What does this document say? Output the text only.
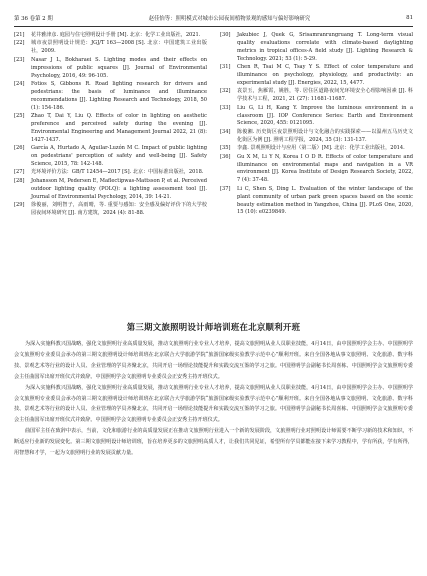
第 36 卷第 2 期	赵佳怡等：照明模式对城市公园夜间植物景观的感知与偏好影响研究	81
[21]	花井雅津彦. 庭园与住宅照明设计手册 [M]. 北京：化学工业出版社，2021.
[22]	城市夜景照明设计规范：JGJ/T 163—2008 [S]. 北京：中国建筑工业出版社，2009.
[23]	Nasar J L, Bokharaei S. Lighting modes and their effects on impressions of public squares [J]. Journal of Environmental Psychology, 2016, 49: 96-105.
[24]	Fotios S, Gibbons R. Road lighting research for drivers and pedestrians: the basis of luminance and illuminance recommendations [J]. Lighting Research and Technology, 2018, 50 (1): 154-186.
[25]	Zhao T, Dai Y, Liu Q. Effects of color in lighting on aesthetic preference and perceived safety during the evening [J]. Environmental Engineering and Management Journal 2022, 21 (8): 1427-1437.
[26]	García A, Hurtado A, Aguilar-Luzón M C. Impact of public lighting on pedestrians' perception of safety and well-being [J]. Safety Science, 2015, 78: 142-148.
[27]	光环境评价方法：GB/T 12454—2017 [S]. 北京：中国标准出版社，2018.
[28]	Johansson M, Pedersen E, Maflectipwas-Mattsson P, et al. Perceived outdoor lighting quality (POLQ): a lighting assessment tool [J]. Journal of Environmental Psychology, 2014, 39: 14-21.
[29]	徐俊丽，刘明智子，高雨晴，等. 重要与感知：安全感及偏好评价下的大学校园夜间环境研究 [J]. 南方建筑，2024 (4): 81-88.
[30]	Jakubiec J, Quek G, Srisamranrungruang T. Long-term visual quality evaluations correlate with climate-based daylighting metrics in tropical offices-A field study [J]. Lighting Research & Technology. 2021; 53 (1): 5-29.
[31]	Chen R, Tsai M C, Tsay Y S. Effect of color temperature and illuminance on psychology, physiology, and productivity: an experimental study [J]. Energies, 2022, 15, 4477.
[32]	袁景玉，焦雁霄，姚胜，等. 居住区道路夜间光环境安全心理影响因素 [J]. 科学技术与工程，2021, 21 (27): 11681-11687.
[33]	Liu G, Li H, Kang Y. Improve the luminous environment in a classroom [J]. IOP Conference Series: Earth and Environment Science, 2020, 455: 0121095.
[34]	陈俊湘. 历史街区夜景照明设计与文化融合的实践探索——以温州五马历史文化街区为例 [J]. 照明工程学报，2024, 35 (3): 131-137.
[35]	李鑫. 景观照明设计与应用（第二版）[M]. 北京：化学工业出版社，2014.
[36]	Gu X M, Li Y N, Korea I O D R. Effects of color temperature and illuminance on environmental maps and navigation in a VR environment [J]. Korea Institute of Design Research Society, 2022, 7 (4): 37-48.
[37]	Li C, Shen S, Ding L. Evaluation of the winter landscape of the plant community of urban park green spaces based on the scenic beauty estimation method in Yangzhou, China [J]. PLoS One, 2020, 15 (10): e0239849.
第三期文旅照明设计师培训班在北京顺利开班

为深入实施科教兴国战略，强化文旅照明行业高质量发展，推动文旅照明行业专业人才培养，提高文旅照明从业人员职业技能，4月14日，由中国照明学会主办、中国照明学会文旅照明专业委员会承办的第三期文旅照明设计师培训班在北京联合大学旅游学院“旅游国家级实验教学示范中心”顺利开班。来自全国各地从事文旅照明、文化旅游、数字科技、景观艺术等行业的设计人员、企业管理的学员齐聚北京，共同开启一场理论技能提升和实践交流互鉴的学习之旅。中国照明学会副秘书长周喜栋、中国照明学会文旅照明专委会主任曲国军出席开班仪式并致辞。中国照明学会文旅照明专业委员会正安秀主持开班仪式。

为深入实施科教兴国战略，强化文旅照明行业高质量发展，推动文旅照明行业专业人才培养，提高文旅照明从业人员职业技能，4月14日，由中国照明学会主办、中国照明学会文旅照明专业委员会承办的第三期文旅照明设计师培训班在北京联合大学旅游学院“旅游国家级实验教学示范中心”顺利开班。来自全国各地从事文旅照明、文化旅游、数字科技、景观艺术等行业的设计人员、企业管理的学员齐聚北京，共同开启一场理论技能提升和实践交流互鉴的学习之旅。中国照明学会副秘书长周喜栋、中国照明学会文旅照明专委会主任曲国军出席开班仪式并致辞。中国照明学会文旅照明专业委员会正安秀主持开班仪式。

曲国军主任在致辞中表示，当前，文化和旅游行业的高质量发展正在推动文旅照明行业进入一个新的发展阶段，文旅照明行业对照明设计师需要不断学习新的技术和知识，不断适应行业新的发展变化。第三期文旅照明设计师培训班，旨在培养更多的文旅照明高质人才，让我们共同见证，希望所有学员都能在接下来学习教程中，学有所获，学有所得，用智慧和才学，一起为文旅照明行业的发展贡献力量。
